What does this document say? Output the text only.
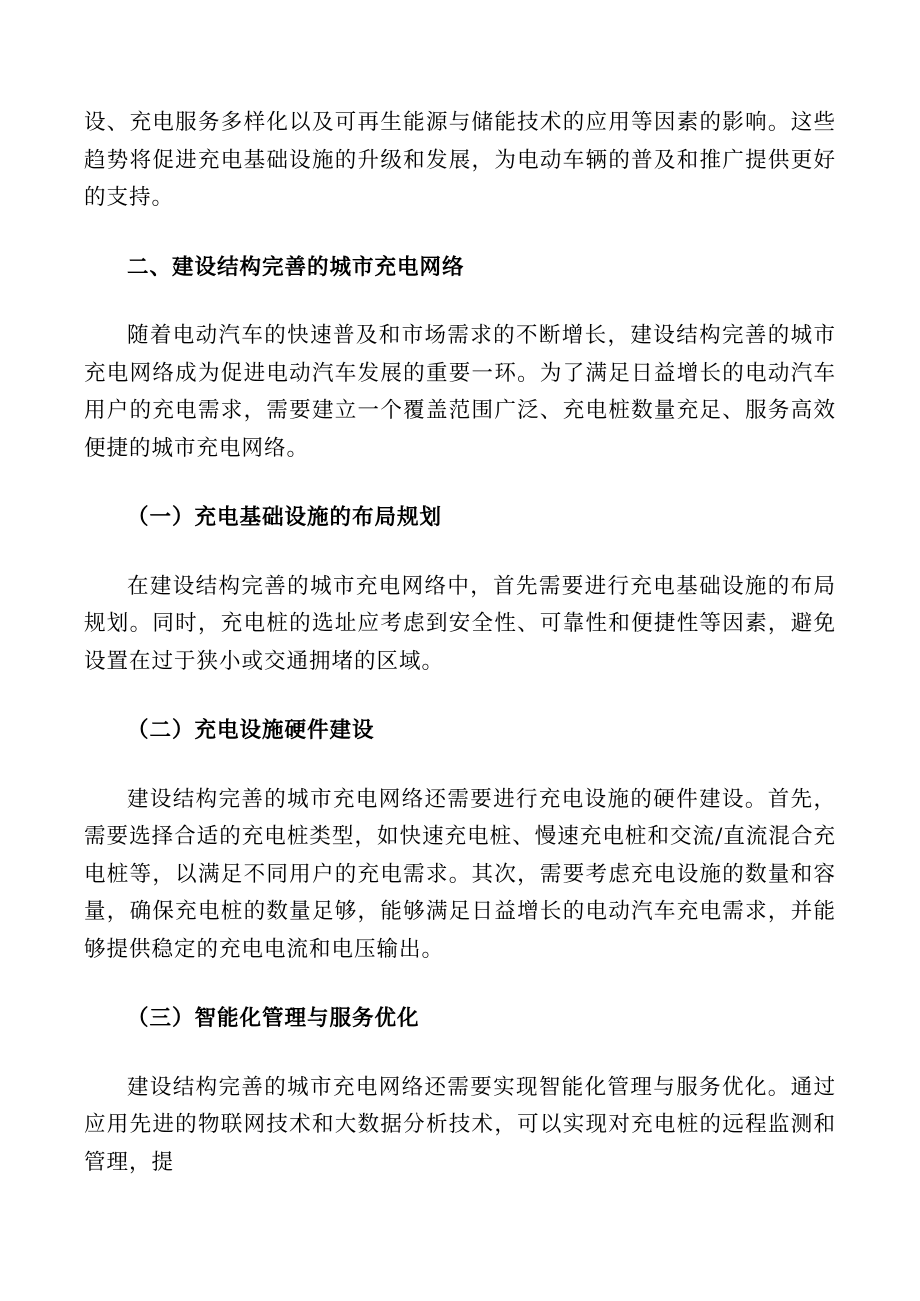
设、充电服务多样化以及可再生能源与储能技术的应用等因素的影响。这些趋势将促进充电基础设施的升级和发展，为电动车辆的普及和推广提供更好的支持。

二、建设结构完善的城市充电网络

随着电动汽车的快速普及和市场需求的不断增长，建设结构完善的城市充电网络成为促进电动汽车发展的重要一环。为了满足日益增长的电动汽车用户的充电需求，需要建立一个覆盖范围广泛、充电桩数量充足、服务高效便捷的城市充电网络。

（一）充电基础设施的布局规划

在建设结构完善的城市充电网络中，首先需要进行充电基础设施的布局规划。同时，充电桩的选址应考虑到安全性、可靠性和便捷性等因素，避免设置在过于狭小或交通拥堵的区域。

（二）充电设施硬件建设

建设结构完善的城市充电网络还需要进行充电设施的硬件建设。首先，需要选择合适的充电桩类型，如快速充电桩、慢速充电桩和交流/直流混合充电桩等，以满足不同用户的充电需求。其次，需要考虑充电设施的数量和容量，确保充电桩的数量足够，能够满足日益增长的电动汽车充电需求，并能够提供稳定的充电电流和电压输出。

（三）智能化管理与服务优化

建设结构完善的城市充电网络还需要实现智能化管理与服务优化。通过应用先进的物联网技术和大数据分析技术，可以实现对充电桩的远程监测和管理，提
